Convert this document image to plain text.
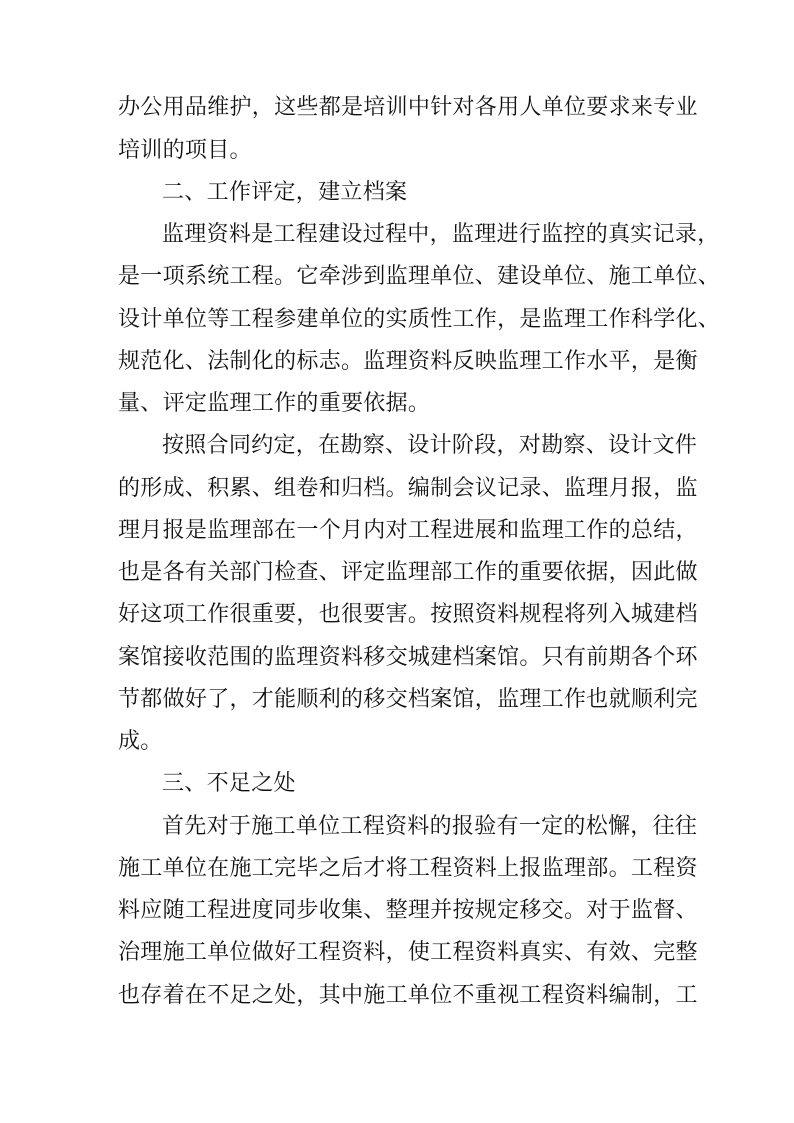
办公用品维护，这些都是培训中针对各用人单位要求来专业
培训的项目。
二、工作评定，建立档案
监理资料是工程建设过程中，监理进行监控的真实记录，
是一项系统工程。它牵涉到监理单位、建设单位、施工单位、
设计单位等工程参建单位的实质性工作，是监理工作科学化、
规范化、法制化的标志。监理资料反映监理工作水平，是衡
量、评定监理工作的重要依据。
按照合同约定，在勘察、设计阶段，对勘察、设计文件
的形成、积累、组卷和归档。编制会议记录、监理月报，监
理月报是监理部在一个月内对工程进展和监理工作的总结，
也是各有关部门检查、评定监理部工作的重要依据，因此做
好这项工作很重要，也很要害。按照资料规程将列入城建档
案馆接收范围的监理资料移交城建档案馆。只有前期各个环
节都做好了，才能顺利的移交档案馆，监理工作也就顺利完
成。
三、不足之处
首先对于施工单位工程资料的报验有一定的松懈，往往
施工单位在施工完毕之后才将工程资料上报监理部。工程资
料应随工程进度同步收集、整理并按规定移交。对于监督、
治理施工单位做好工程资料，使工程资料真实、有效、完整
也存着在不足之处，其中施工单位不重视工程资料编制，工
